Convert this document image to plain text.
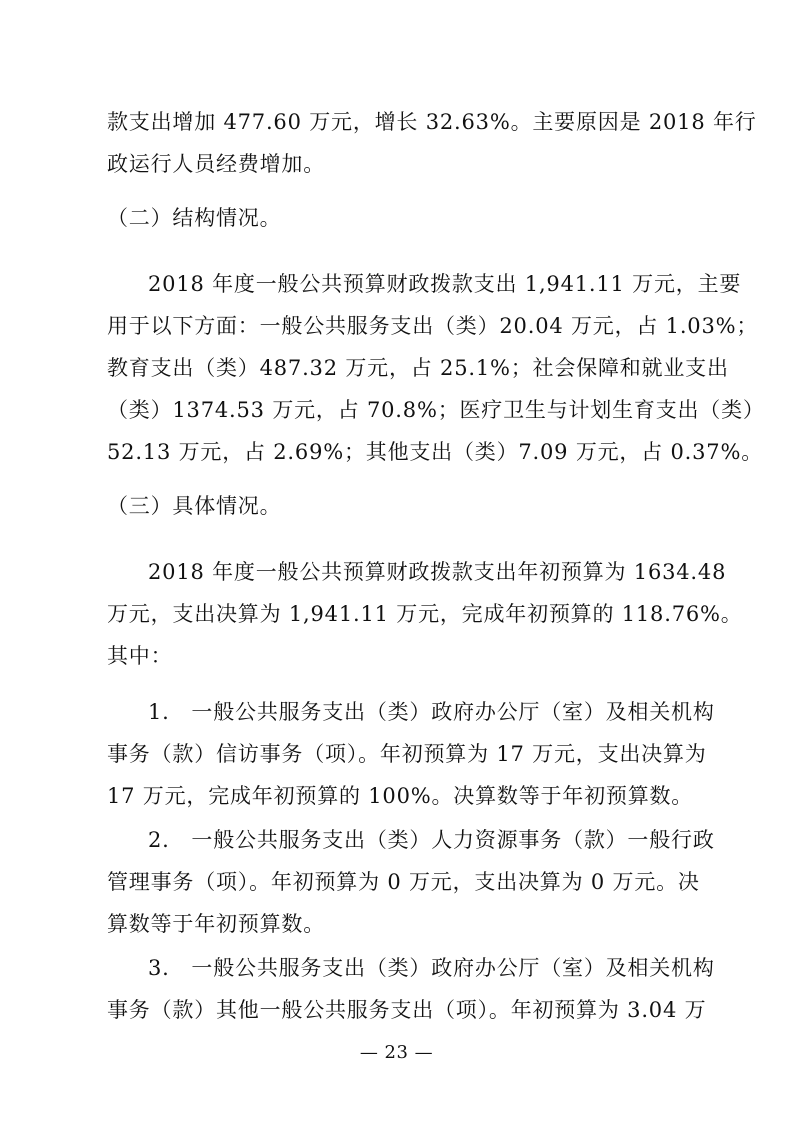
款支出增加 477.60 万元，增长 32.63%。主要原因是 2018 年行
政运行人员经费增加。
（二）结构情况。
2018 年度一般公共预算财政拨款支出 1,941.11 万元，主要
用于以下方面：一般公共服务支出（类）20.04 万元，占 1.03%；
教育支出（类）487.32 万元，占 25.1%；社会保障和就业支出
（类）1374.53 万元，占 70.8%；医疗卫生与计划生育支出（类）
52.13 万元，占 2.69%；其他支出（类）7.09 万元，占 0.37%。
（三）具体情况。
2018 年度一般公共预算财政拨款支出年初预算为 1634.48
万元，支出决算为 1,941.11 万元，完成年初预算的 118.76%。
其中：
1.　一般公共服务支出（类）政府办公厅（室）及相关机构
事务（款）信访事务（项）。年初预算为 17 万元，支出决算为
17 万元，完成年初预算的 100%。决算数等于年初预算数。
2.　一般公共服务支出（类）人力资源事务（款）一般行政
管理事务（项）。年初预算为 0 万元，支出决算为 0 万元。决
算数等于年初预算数。
3.　一般公共服务支出（类）政府办公厅（室）及相关机构
事务（款）其他一般公共服务支出（项）。年初预算为 3.04 万
— 23 —
